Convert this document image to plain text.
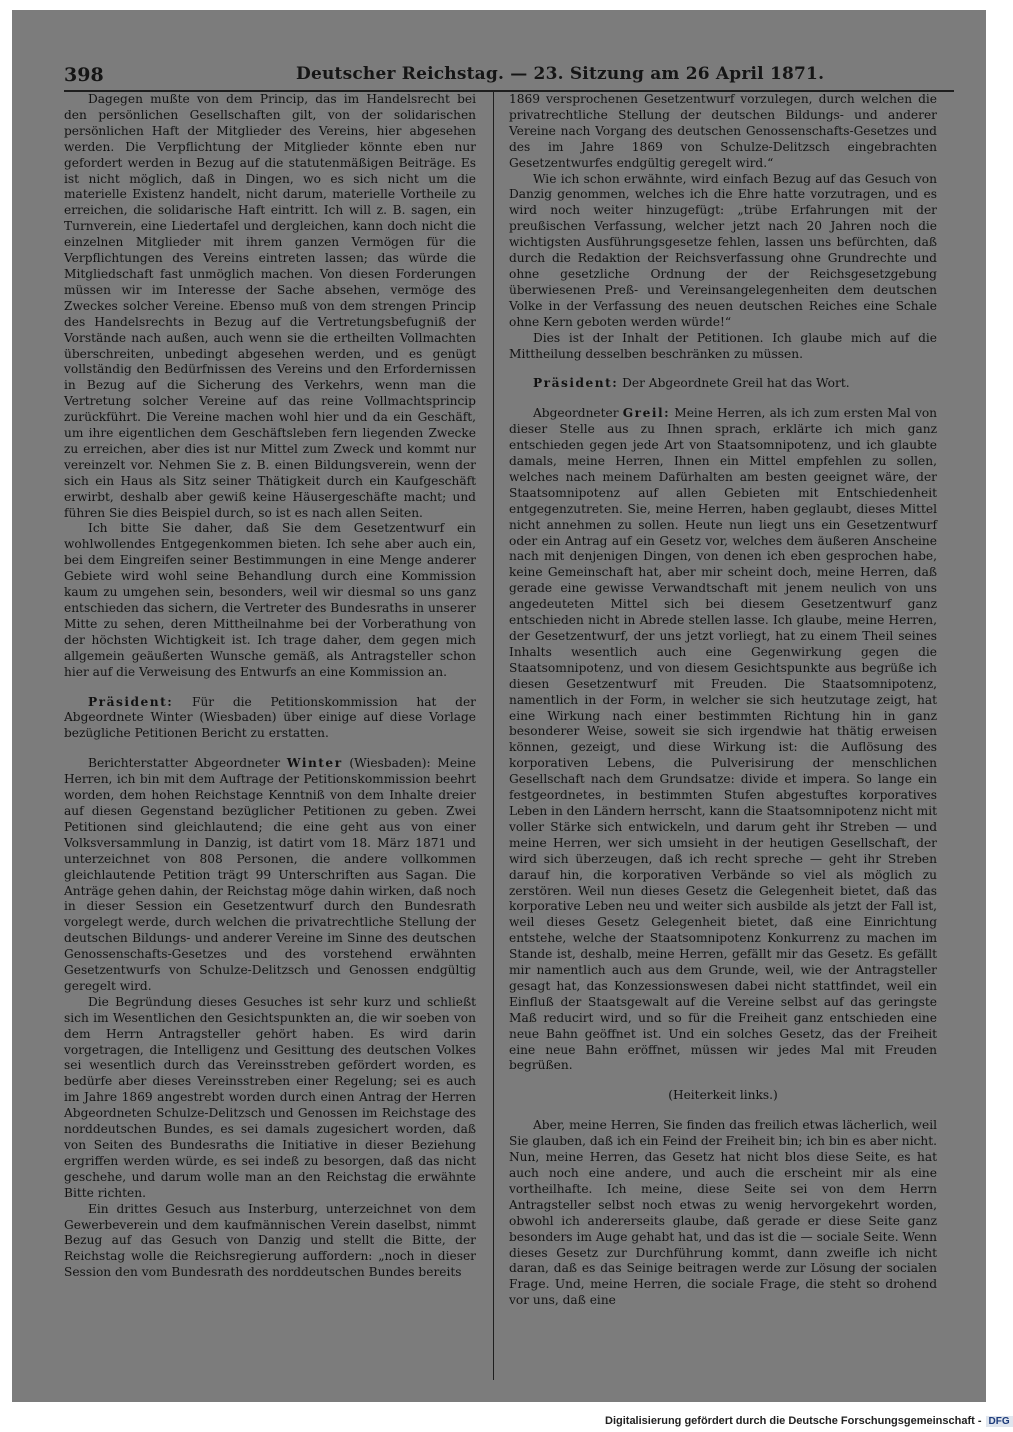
398	Deutscher Reichstag. — 23. Sitzung am 26 April 1871.

Dagegen mußte von dem Princip, das im Handelsrecht bei den persönlichen Gesellschaften gilt, von der solidarischen persönlichen Haft der Mitglieder des Vereins, hier abgesehen werden. Die Verpflichtung der Mitglieder könnte eben nur gefordert werden in Bezug auf die statutenmäßigen Beiträge. Es ist nicht möglich, daß in Dingen, wo es sich nicht um die materielle Existenz handelt, nicht darum, materielle Vortheile zu erreichen, die solidarische Haft eintritt. Ich will z. B. sagen, ein Turnverein, eine Liedertafel und dergleichen, kann doch nicht die einzelnen Mitglieder mit ihrem ganzen Vermögen für die Verpflichtungen des Vereins eintreten lassen; das würde die Mitgliedschaft fast unmöglich machen. Von diesen Forderungen müssen wir im Interesse der Sache absehen, vermöge des Zweckes solcher Vereine. Ebenso muß von dem strengen Princip des Handelsrechts in Bezug auf die Vertretungsbefugniß der Vorstände nach außen, auch wenn sie die ertheilten Vollmachten überschreiten, unbedingt abgesehen werden, und es genügt vollständig den Bedürfnissen des Vereins und den Erfordernissen in Bezug auf die Sicherung des Verkehrs, wenn man die Vertretung solcher Vereine auf das reine Vollmachtsprincip zurückführt. Die Vereine machen wohl hier und da ein Geschäft, um ihre eigentlichen dem Geschäftsleben fern liegenden Zwecke zu erreichen, aber dies ist nur Mittel zum Zweck und kommt nur vereinzelt vor. Nehmen Sie z. B. einen Bildungsverein, wenn der sich ein Haus als Sitz seiner Thätigkeit durch ein Kaufgeschäft erwirbt, deshalb aber gewiß keine Häusergeschäfte macht; und führen Sie dies Beispiel durch, so ist es nach allen Seiten.

Ich bitte Sie daher, daß Sie dem Gesetzentwurf ein wohlwollendes Entgegenkommen bieten. Ich sehe aber auch ein, bei dem Eingreifen seiner Bestimmungen in eine Menge anderer Gebiete wird wohl seine Behandlung durch eine Kommission kaum zu umgehen sein, besonders, weil wir diesmal so uns ganz entschieden das sichern, die Vertreter des Bundesraths in unserer Mitte zu sehen, deren Mittheilnahme bei der Vorberathung von der höchsten Wichtigkeit ist. Ich trage daher, dem gegen mich allgemein geäußerten Wunsche gemäß, als Antragsteller schon hier auf die Verweisung des Entwurfs an eine Kommission an.

Präsident: Für die Petitionskommission hat der Abgeordnete Winter (Wiesbaden) über einige auf diese Vorlage bezügliche Petitionen Bericht zu erstatten.

Berichterstatter Abgeordneter Winter (Wiesbaden): Meine Herren, ich bin mit dem Auftrage der Petitionskommission beehrt worden, dem hohen Reichstage Kenntniß von dem Inhalte dreier auf diesen Gegenstand bezüglicher Petitionen zu geben. Zwei Petitionen sind gleichlautend; die eine geht aus von einer Volksversammlung in Danzig, ist datirt vom 18. März 1871 und unterzeichnet von 808 Personen, die andere vollkommen gleichlautende Petition trägt 99 Unterschriften aus Sagan. Die Anträge gehen dahin, der Reichstag möge dahin wirken, daß noch in dieser Session ein Gesetzentwurf durch den Bundesrath vorgelegt werde, durch welchen die privatrechtliche Stellung der deutschen Bildungs- und anderer Vereine im Sinne des deutschen Genossenschafts-Gesetzes und des vorstehend erwähnten Gesetzentwurfs von Schulze-Delitzsch und Genossen endgültig geregelt wird.

Die Begründung dieses Gesuches ist sehr kurz und schließt sich im Wesentlichen den Gesichtspunkten an, die wir soeben von dem Herrn Antragsteller gehört haben. Es wird darin vorgetragen, die Intelligenz und Gesittung des deutschen Volkes sei wesentlich durch das Vereinsstreben gefördert worden, es bedürfe aber dieses Vereinsstreben einer Regelung; sei es auch im Jahre 1869 angestrebt worden durch einen Antrag der Herren Abgeordneten Schulze-Delitzsch und Genossen im Reichstage des norddeutschen Bundes, es sei damals zugesichert worden, daß von Seiten des Bundesraths die Initiative in dieser Beziehung ergriffen werden würde, es sei indeß zu besorgen, daß das nicht geschehe, und darum wolle man an den Reichstag die erwähnte Bitte richten.

Ein drittes Gesuch aus Insterburg, unterzeichnet von dem Gewerbeverein und dem kaufmännischen Verein daselbst, nimmt Bezug auf das Gesuch von Danzig und stellt die Bitte, der Reichstag wolle die Reichsregierung auffordern: „noch in dieser Session den vom Bundesrath des norddeutschen Bundes bereits

1869 versprochenen Gesetzentwurf vorzulegen, durch welchen die privatrechtliche Stellung der deutschen Bildungs- und anderer Vereine nach Vorgang des deutschen Genossenschafts-Gesetzes und des im Jahre 1869 von Schulze-Delitzsch eingebrachten Gesetzentwurfes endgültig geregelt wird.“

Wie ich schon erwähnte, wird einfach Bezug auf das Gesuch von Danzig genommen, welches ich die Ehre hatte vorzutragen, und es wird noch weiter hinzugefügt: „trübe Erfahrungen mit der preußischen Verfassung, welcher jetzt nach 20 Jahren noch die wichtigsten Ausführungsgesetze fehlen, lassen uns befürchten, daß durch die Redaktion der Reichsverfassung ohne Grundrechte und ohne gesetzliche Ordnung der der Reichsgesetzgebung überwiesenen Preß- und Vereinsangelegenheiten dem deutschen Volke in der Verfassung des neuen deutschen Reiches eine Schale ohne Kern geboten werden würde!“

Dies ist der Inhalt der Petitionen. Ich glaube mich auf die Mittheilung desselben beschränken zu müssen.

Präsident: Der Abgeordnete Greil hat das Wort.

Abgeordneter Greil: Meine Herren, als ich zum ersten Mal von dieser Stelle aus zu Ihnen sprach, erklärte ich mich ganz entschieden gegen jede Art von Staatsomnipotenz, und ich glaubte damals, meine Herren, Ihnen ein Mittel empfehlen zu sollen, welches nach meinem Dafürhalten am besten geeignet wäre, der Staatsomnipotenz auf allen Gebieten mit Entschiedenheit entgegenzutreten. Sie, meine Herren, haben geglaubt, dieses Mittel nicht annehmen zu sollen. Heute nun liegt uns ein Gesetzentwurf oder ein Antrag auf ein Gesetz vor, welches dem äußeren Anscheine nach mit denjenigen Dingen, von denen ich eben gesprochen habe, keine Gemeinschaft hat, aber mir scheint doch, meine Herren, daß gerade eine gewisse Verwandtschaft mit jenem neulich von uns angedeuteten Mittel sich bei diesem Gesetzentwurf ganz entschieden nicht in Abrede stellen lasse. Ich glaube, meine Herren, der Gesetzentwurf, der uns jetzt vorliegt, hat zu einem Theil seines Inhalts wesentlich auch eine Gegenwirkung gegen die Staatsomnipotenz, und von diesem Gesichtspunkte aus begrüße ich diesen Gesetzentwurf mit Freuden. Die Staatsomnipotenz, namentlich in der Form, in welcher sie sich heutzutage zeigt, hat eine Wirkung nach einer bestimmten Richtung hin in ganz besonderer Weise, soweit sie sich irgendwie hat thätig erweisen können, gezeigt, und diese Wirkung ist: die Auflösung des korporativen Lebens, die Pulverisirung der menschlichen Gesellschaft nach dem Grundsatze: divide et impera. So lange ein festgeordnetes, in bestimmten Stufen abgestuftes korporatives Leben in den Ländern herrscht, kann die Staatsomnipotenz nicht mit voller Stärke sich entwickeln, und darum geht ihr Streben — und meine Herren, wer sich umsieht in der heutigen Gesellschaft, der wird sich überzeugen, daß ich recht spreche — geht ihr Streben darauf hin, die korporativen Verbände so viel als möglich zu zerstören. Weil nun dieses Gesetz die Gelegenheit bietet, daß das korporative Leben neu und weiter sich ausbilde als jetzt der Fall ist, weil dieses Gesetz Gelegenheit bietet, daß eine Einrichtung entstehe, welche der Staatsomnipotenz Konkurrenz zu machen im Stande ist, deshalb, meine Herren, gefällt mir das Gesetz. Es gefällt mir namentlich auch aus dem Grunde, weil, wie der Antragsteller gesagt hat, das Konzessionswesen dabei nicht stattfindet, weil ein Einfluß der Staatsgewalt auf die Vereine selbst auf das geringste Maß reducirt wird, und so für die Freiheit ganz entschieden eine neue Bahn geöffnet ist. Und ein solches Gesetz, das der Freiheit eine neue Bahn eröffnet, müssen wir jedes Mal mit Freuden begrüßen.

(Heiterkeit links.)

Aber, meine Herren, Sie finden das freilich etwas lächerlich, weil Sie glauben, daß ich ein Feind der Freiheit bin; ich bin es aber nicht. Nun, meine Herren, das Gesetz hat nicht blos diese Seite, es hat auch noch eine andere, und auch die erscheint mir als eine vortheilhafte. Ich meine, diese Seite sei von dem Herrn Antragsteller selbst noch etwas zu wenig hervorgekehrt worden, obwohl ich andererseits glaube, daß gerade er diese Seite ganz besonders im Auge gehabt hat, und das ist die — sociale Seite. Wenn dieses Gesetz zur Durchführung kommt, dann zweifle ich nicht daran, daß es das Seinige beitragen werde zur Lösung der socialen Frage. Und, meine Herren, die sociale Frage, die steht so drohend vor uns, daß eine

Digitalisierung gefördert durch die Deutsche Forschungsgemeinschaft - DFG
